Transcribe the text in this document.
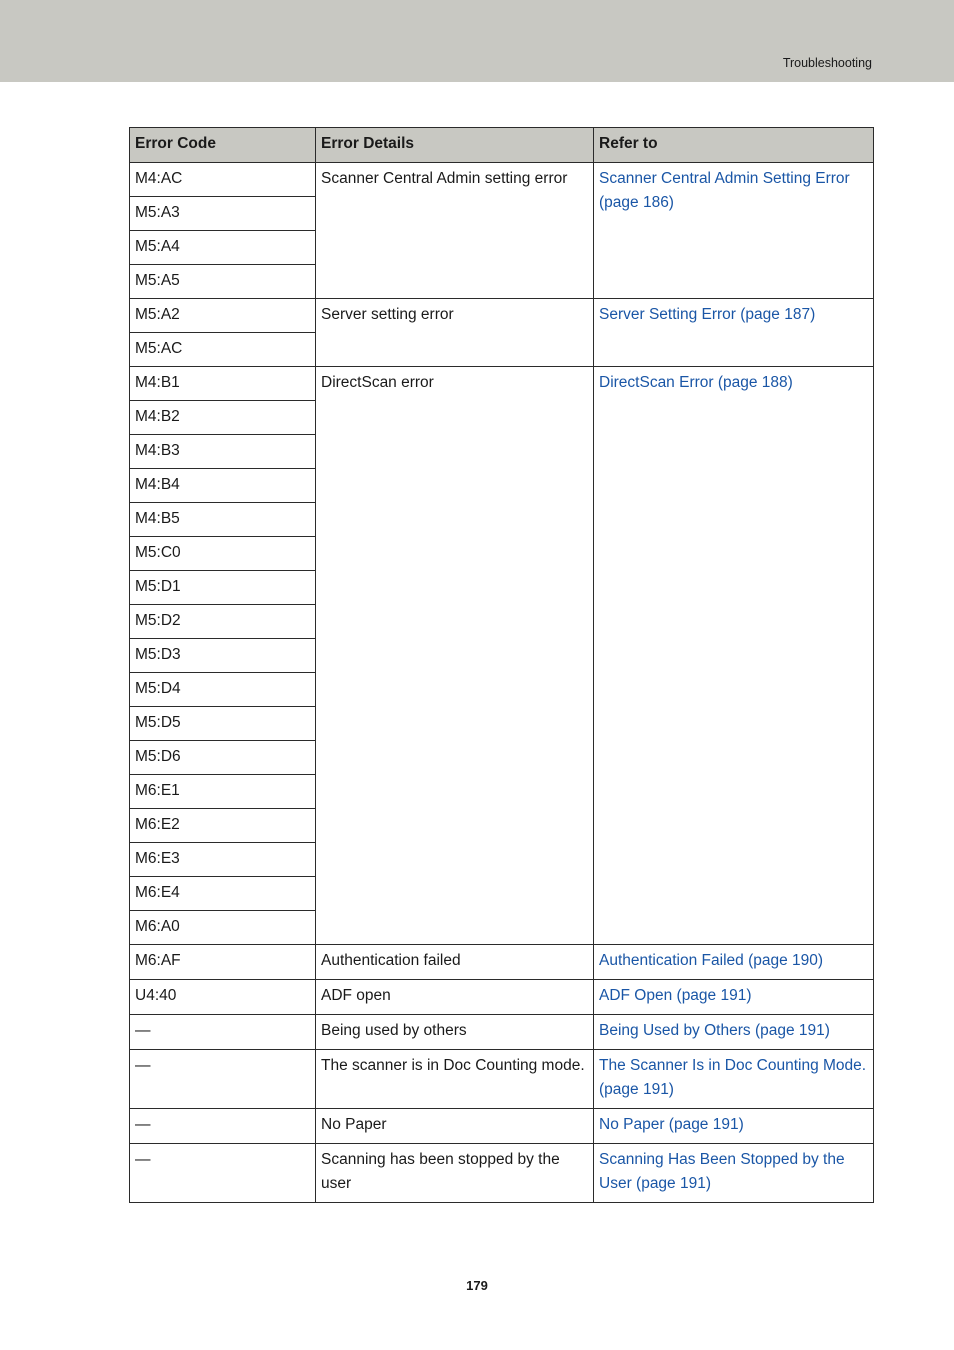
Troubleshooting
Error Code	Error Details	Refer to
M4:AC	Scanner Central Admin setting error	Scanner Central Admin Setting Error (page 186)
M5:A3		
M5:A4		
M5:A5		
M5:A2	Server setting error	Server Setting Error (page 187)
M5:AC		
M4:B1	DirectScan error	DirectScan Error (page 188)
M4:B2		
M4:B3		
M4:B4		
M4:B5		
M5:C0		
M5:D1		
M5:D2		
M5:D3		
M5:D4		
M5:D5		
M5:D6		
M6:E1		
M6:E2		
M6:E3		
M6:E4		
M6:A0		
M6:AF	Authentication failed	Authentication Failed (page 190)
U4:40	ADF open	ADF Open (page 191)
—	Being used by others	Being Used by Others (page 191)
—	The scanner is in Doc Counting mode.	The Scanner Is in Doc Counting Mode. (page 191)
—	No Paper	No Paper (page 191)
—	Scanning has been stopped by the user	Scanning Has Been Stopped by the User (page 191)
179
